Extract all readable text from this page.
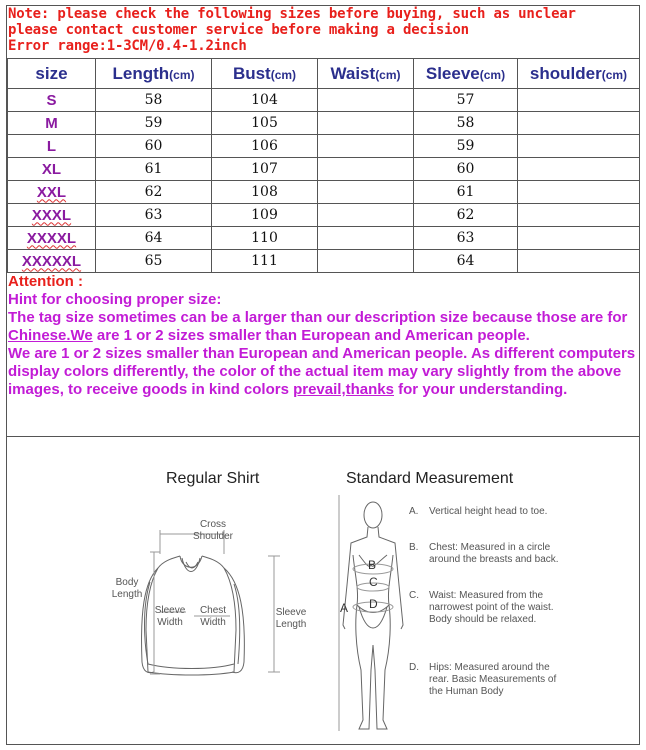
Note: please check the following sizes before buying, such as unclear
please contact customer service before making a decision
Error range:1-3CM/0.4-1.2inch
size	Length(cm)	Bust(cm)	Waist(cm)	Sleeve(cm)	shoulder(cm)
S	58	104		57	
M	59	105		58	
L	60	106		59	
XL	61	107		60	
XXL	62	108		61	
XXXL	63	109		62	
XXXXL	64	110		63	
XXXXXL	65	111		64	

Attention :

Hint for choosing proper size:

The tag size sometimes can be a larger than our description size because those are for Chinese.We are 1 or 2 sizes smaller than European and American people.

We are 1 or 2 sizes smaller than European and American people. As different computers display colors differently, the color of the actual item may vary slightly from the above images, to receive goods in kind colors prevail,thanks for your understanding.

Regular Shirt	Standard Measurement
Cross Shoulder
Body Length
Sleeve Width
Chest Width
Sleeve Length
A
B
C
D
A. Vertical height head to toe.
B. Chest: Measured in a circle around the breasts and back.
C. Waist: Measured from the narrowest point of the waist. Body should be relaxed.
D. Hips: Measured around the rear. Basic Measurements of the Human Body
